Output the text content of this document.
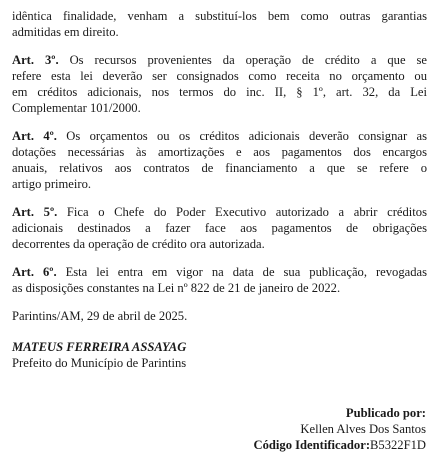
idêntica finalidade, venham a substituí-los bem como outras garantias
admitidas em direito.

Art. 3º. Os recursos provenientes da operação de crédito a que se
refere esta lei deverão ser consignados como receita no orçamento ou
em créditos adicionais, nos termos do inc. II, § 1º, art. 32, da Lei
Complementar 101/2000.

Art. 4º. Os orçamentos ou os créditos adicionais deverão consignar as
dotações necessárias às amortizações e aos pagamentos dos encargos
anuais, relativos aos contratos de financiamento a que se refere o
artigo primeiro.

Art. 5º. Fica o Chefe do Poder Executivo autorizado a abrir créditos
adicionais destinados a fazer face aos pagamentos de obrigações
decorrentes da operação de crédito ora autorizada.

Art. 6º. Esta lei entra em vigor na data de sua publicação, revogadas
as disposições constantes na Lei nº 822 de 21 de janeiro de 2022.

Parintins/AM, 29 de abril de 2025.

MATEUS FERREIRA ASSAYAG
Prefeito do Município de Parintins
Publicado por:
Kellen Alves Dos Santos
Código Identificador:B5322F1D
